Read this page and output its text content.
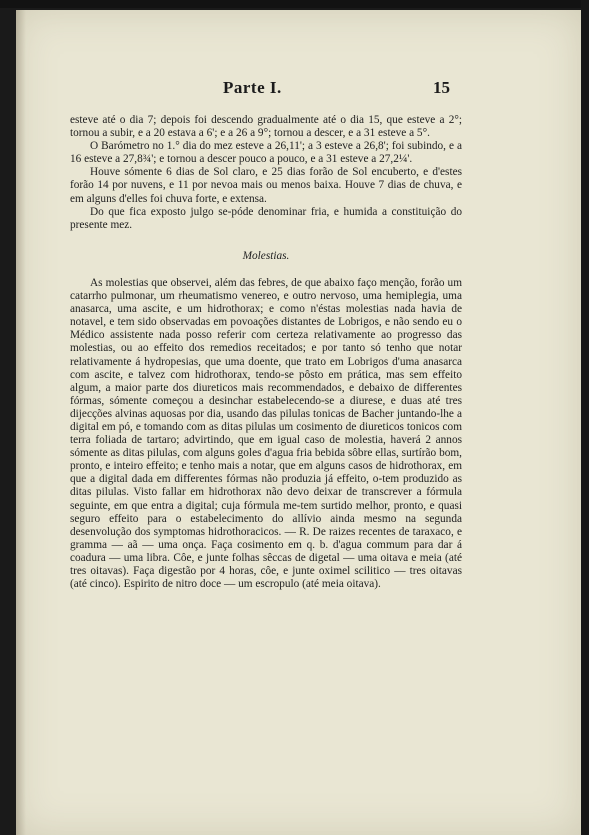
Parte I.	15

esteve até o dia 7; depois foi descendo gradualmente até o dia 15, que esteve a 2°; tornou a subir, e a 20 estava a 6'; e a 26 a 9°; tornou a descer, e a 31 esteve a 5°.

O Barómetro no 1.° dia do mez esteve a 26,11'; a 3 esteve a 26,8'; foi subindo, e a 16 esteve a 27,8¾'; e tornou a descer pouco a pouco, e a 31 esteve a 27,2¼'.

Houve sómente 6 dias de Sol claro, e 25 dias forão de Sol encuberto, e d'estes forão 14 por nuvens, e 11 por nevoa mais ou menos baixa. Houve 7 dias de chuva, e em alguns d'elles foi chuva forte, e extensa.

Do que fica exposto julgo se-póde denominar fria, e humida a constituição do presente mez.

Molestias.

As molestias que observei, além das febres, de que abaixo faço menção, forão um catarrho pulmonar, um rheumatismo venereo, e outro nervoso, uma hemiplegia, uma anasarca, uma ascite, e um hidrothorax; e como n'éstas molestias nada havia de notavel, e tem sido observadas em povoações distantes de Lobrigos, e não sendo eu o Médico assistente nada posso referir com certeza relativamente ao progresso das molestias, ou ao effeito dos remedios receitados; e por tanto só tenho que notar relativamente á hydropesias, que uma doente, que trato em Lobrigos d'uma anasarca com ascite, e talvez com hidrothorax, tendo-se pôsto em prática, mas sem effeito algum, a maior parte dos diureticos mais recommendados, e debaixo de differentes fórmas, sómente começou a desinchar estabelecendo-se a diurese, e duas até tres dijecções alvinas aquosas por dia, usando das pilulas tonicas de Bacher juntando-lhe a digital em pó, e tomando com as ditas pilulas um cosimento de diureticos tonicos com terra foliada de tartaro; advirtindo, que em igual caso de molestia, haverá 2 annos sómente as ditas pilulas, com alguns goles d'agua fria bebida sôbre ellas, surtírão bom, pronto, e inteiro effeito; e tenho mais a notar, que em alguns casos de hidrothorax, em que a digital dada em differentes fórmas não produzia já effeito, o-tem produzido as ditas pilulas. Visto fallar em hidrothorax não devo deixar de transcrever a fórmula seguinte, em que entra a digital; cuja fórmula me-tem surtido melhor, pronto, e quasi seguro effeito para o estabelecimento do allívio ainda mesmo na segunda desenvolução dos symptomas hidrothoracicos. — R. De raizes recentes de taraxaco, e gramma — aã — uma onça. Faça cosimento em q. b. d'agua commum para dar á coadura — uma libra. Côe, e junte folhas sêccas de digetal — uma oitava e meia (até tres oitavas). Faça digestão por 4 horas, côe, e junte oximel scilitico — tres oitavas (até cinco). Espirito de nitro doce — um escropulo (até meia oitava).
